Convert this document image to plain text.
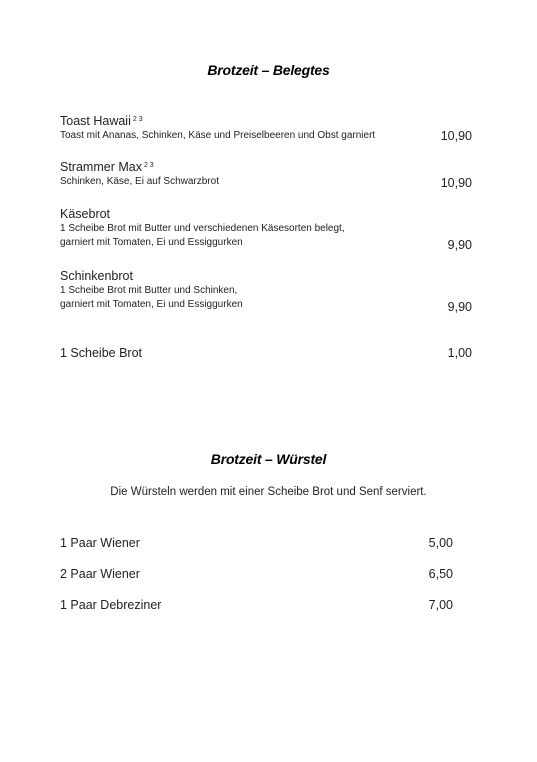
Brotzeit – Belegtes
Toast Hawaii $^{2 3}$
Toast mit Ananas, Schinken, Käse und Preiselbeeren und Obst garniert	10,90
Strammer Max $^{2 3}$
Schinken, Käse, Ei auf Schwarzbrot	10,90
Käsebrot
1 Scheibe Brot mit Butter und verschiedenen Käsesorten belegt,
garniert mit Tomaten, Ei und Essiggurken	9,90
Schinkenbrot
1 Scheibe Brot mit Butter und Schinken,
garniert mit Tomaten, Ei und Essiggurken	9,90
1 Scheibe Brot	1,00
Brotzeit – Würstel
Die Würsteln werden mit einer Scheibe Brot und Senf serviert.
1 Paar Wiener	5,00
2 Paar Wiener	6,50
1 Paar Debreziner	7,00
